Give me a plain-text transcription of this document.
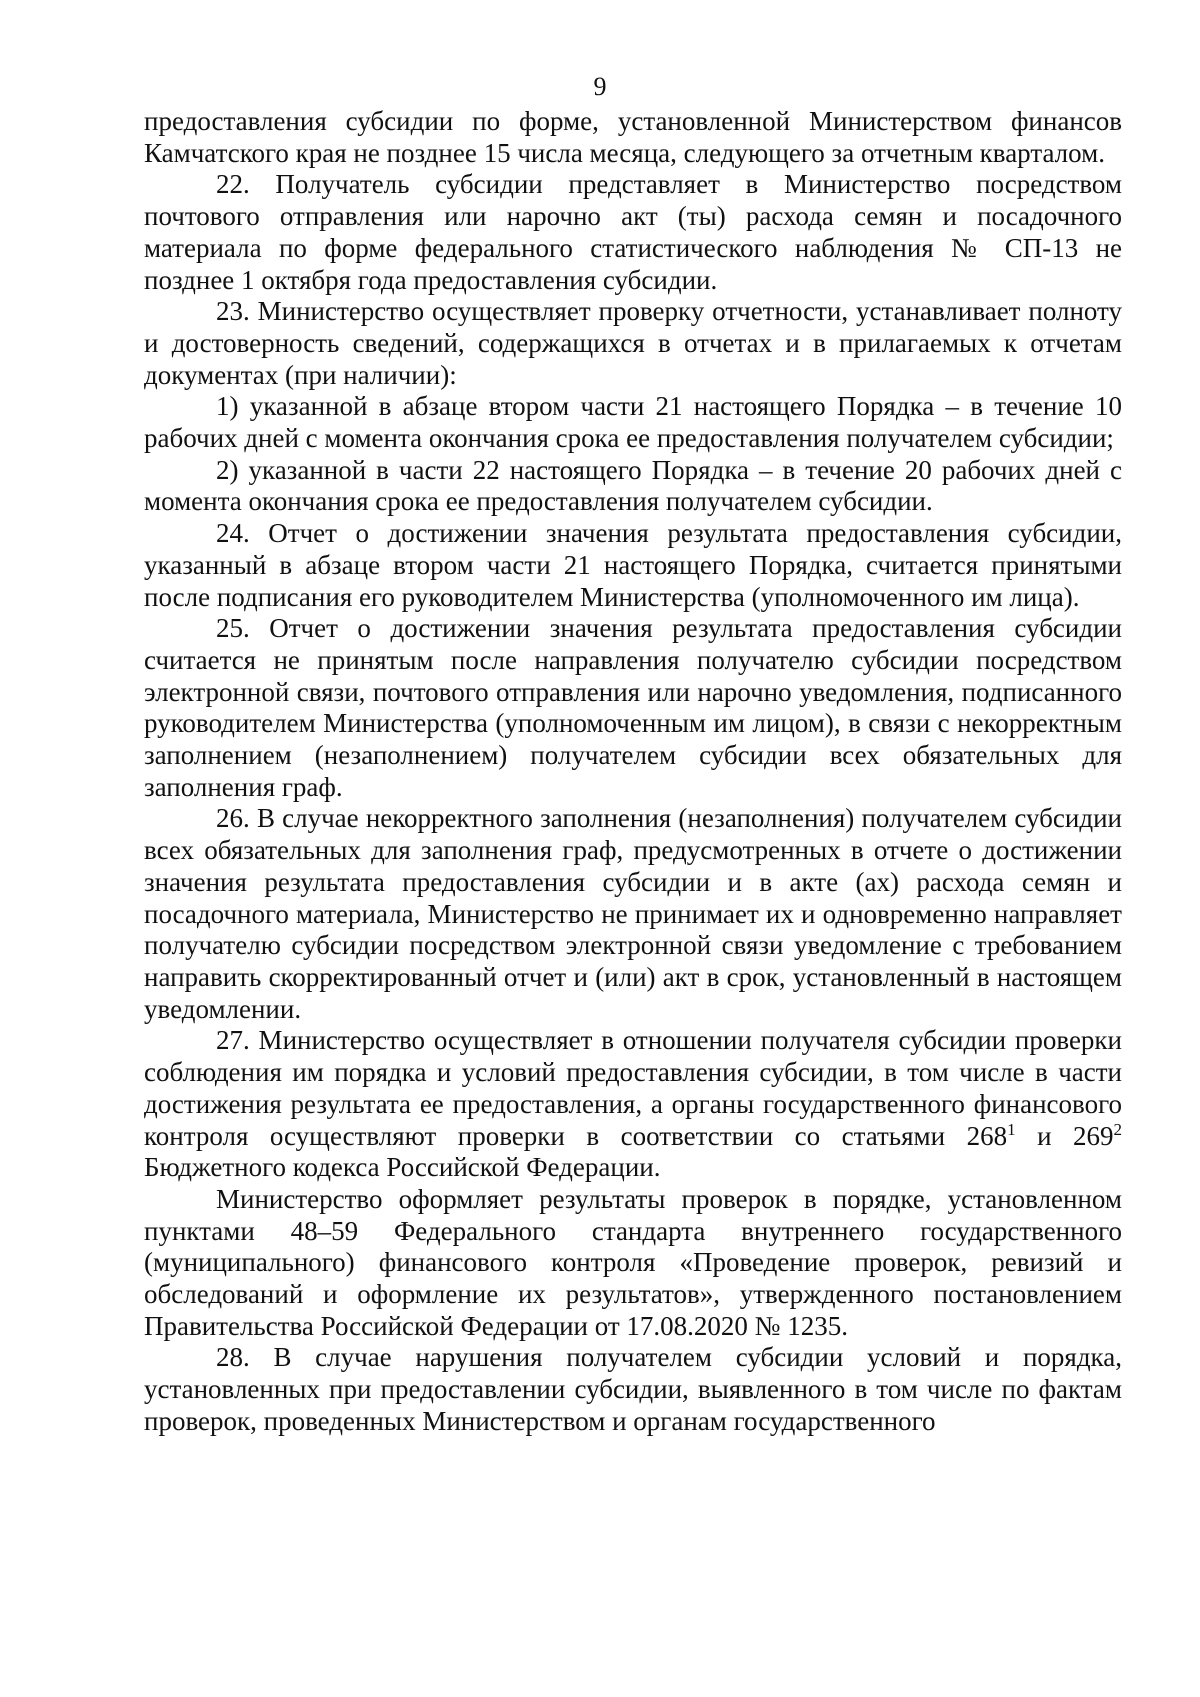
9

предоставления субсидии по форме, установленной Министерством финансов Камчатского края не позднее 15 числа месяца, следующего за отчетным кварталом.

22. Получатель субсидии представляет в Министерство посредством почтового отправления или нарочно акт (ты) расхода семян и посадочного материала по форме федерального статистического наблюдения № СП-13 не позднее 1 октября года предоставления субсидии.

23. Министерство осуществляет проверку отчетности, устанавливает полноту и достоверность сведений, содержащихся в отчетах и в прилагаемых к отчетам документах (при наличии):

1) указанной в абзаце втором части 21 настоящего Порядка – в течение 10 рабочих дней с момента окончания срока ее предоставления получателем субсидии;

2) указанной в части 22 настоящего Порядка – в течение 20 рабочих дней с момента окончания срока ее предоставления получателем субсидии.

24. Отчет о достижении значения результата предоставления субсидии, указанный в абзаце втором части 21 настоящего Порядка, считается принятыми после подписания его руководителем Министерства (уполномоченного им лица).

25. Отчет о достижении значения результата предоставления субсидии считается не принятым после направления получателю субсидии посредством электронной связи, почтового отправления или нарочно уведомления, подписанного руководителем Министерства (уполномоченным им лицом), в связи с некорректным заполнением (незаполнением) получателем субсидии всех обязательных для заполнения граф.

26. В случае некорректного заполнения (незаполнения) получателем субсидии всех обязательных для заполнения граф, предусмотренных в отчете о достижении значения результата предоставления субсидии и в акте (ах) расхода семян и посадочного материала, Министерство не принимает их и одновременно направляет получателю субсидии посредством электронной связи уведомление с требованием направить скорректированный отчет и (или) акт в срок, установленный в настоящем уведомлении.

27. Министерство осуществляет в отношении получателя субсидии проверки соблюдения им порядка и условий предоставления субсидии, в том числе в части достижения результата ее предоставления, а органы государственного финансового контроля осуществляют проверки в соответствии со статьями $268^1$ и $269^2$ Бюджетного кодекса Российской Федерации.

Министерство оформляет результаты проверок в порядке, установленном пунктами 48–59 Федерального стандарта внутреннего государственного (муниципального) финансового контроля «Проведение проверок, ревизий и обследований и оформление их результатов», утвержденного постановлением Правительства Российской Федерации от 17.08.2020 № 1235.

28. В случае нарушения получателем субсидии условий и порядка, установленных при предоставлении субсидии, выявленного в том числе по фактам проверок, проведенных Министерством и органам государственного
